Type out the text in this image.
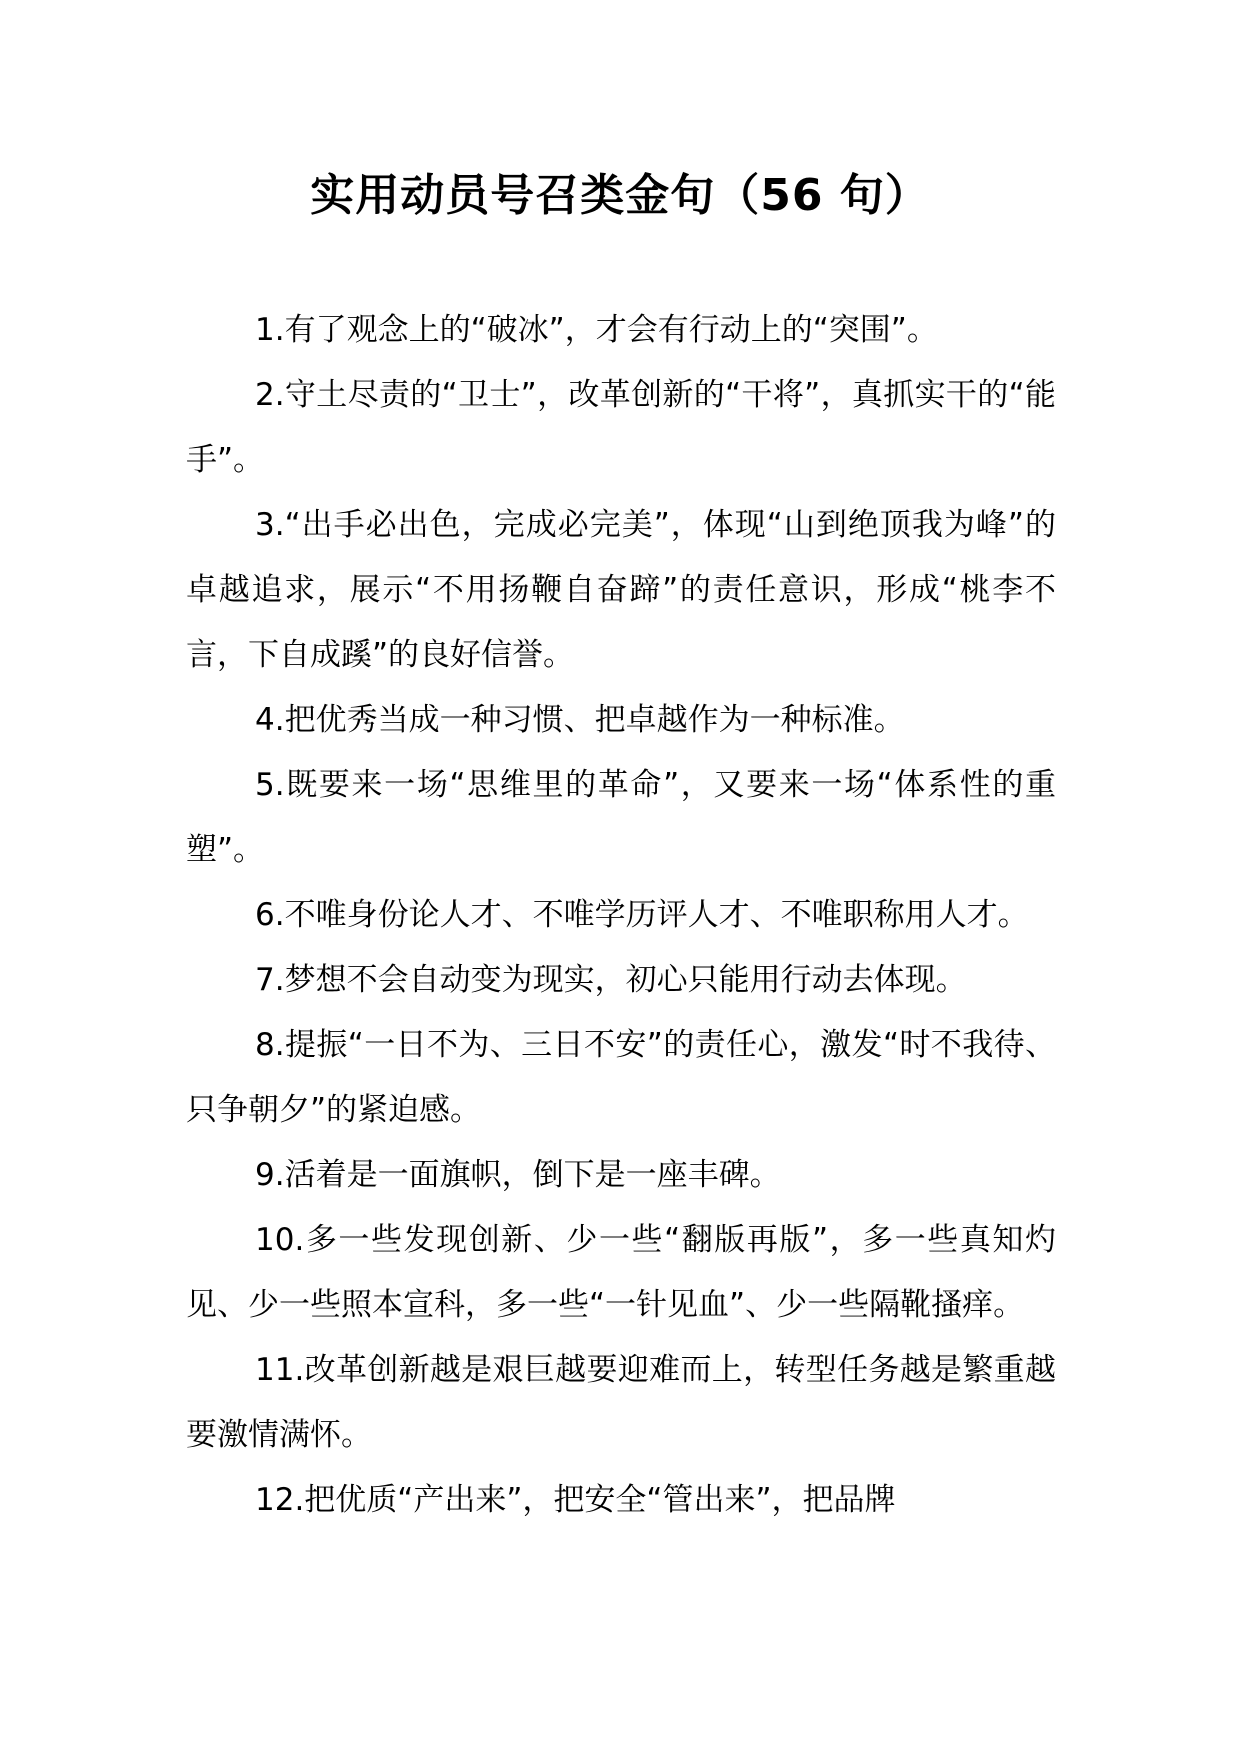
实用动员号召类金句（56 句）

1.有了观念上的“破冰”，才会有行动上的“突围”。

2.守土尽责的“卫士”，改革创新的“干将”，真抓实干的“能手”。

3.“出手必出色，完成必完美”，体现“山到绝顶我为峰”的卓越追求，展示“不用扬鞭自奋蹄”的责任意识，形成“桃李不言，下自成蹊”的良好信誉。

4.把优秀当成一种习惯、把卓越作为一种标准。

5.既要来一场“思维里的革命”，又要来一场“体系性的重塑”。

6.不唯身份论人才、不唯学历评人才、不唯职称用人才。

7.梦想不会自动变为现实，初心只能用行动去体现。

8.提振“一日不为、三日不安”的责任心，激发“时不我待、只争朝夕”的紧迫感。

9.活着是一面旗帜，倒下是一座丰碑。

10.多一些发现创新、少一些“翻版再版”，多一些真知灼见、少一些照本宣科，多一些“一针见血”、少一些隔靴搔痒。

11.改革创新越是艰巨越要迎难而上，转型任务越是繁重越要激情满怀。

12.把优质“产出来”，把安全“管出来”，把品牌
